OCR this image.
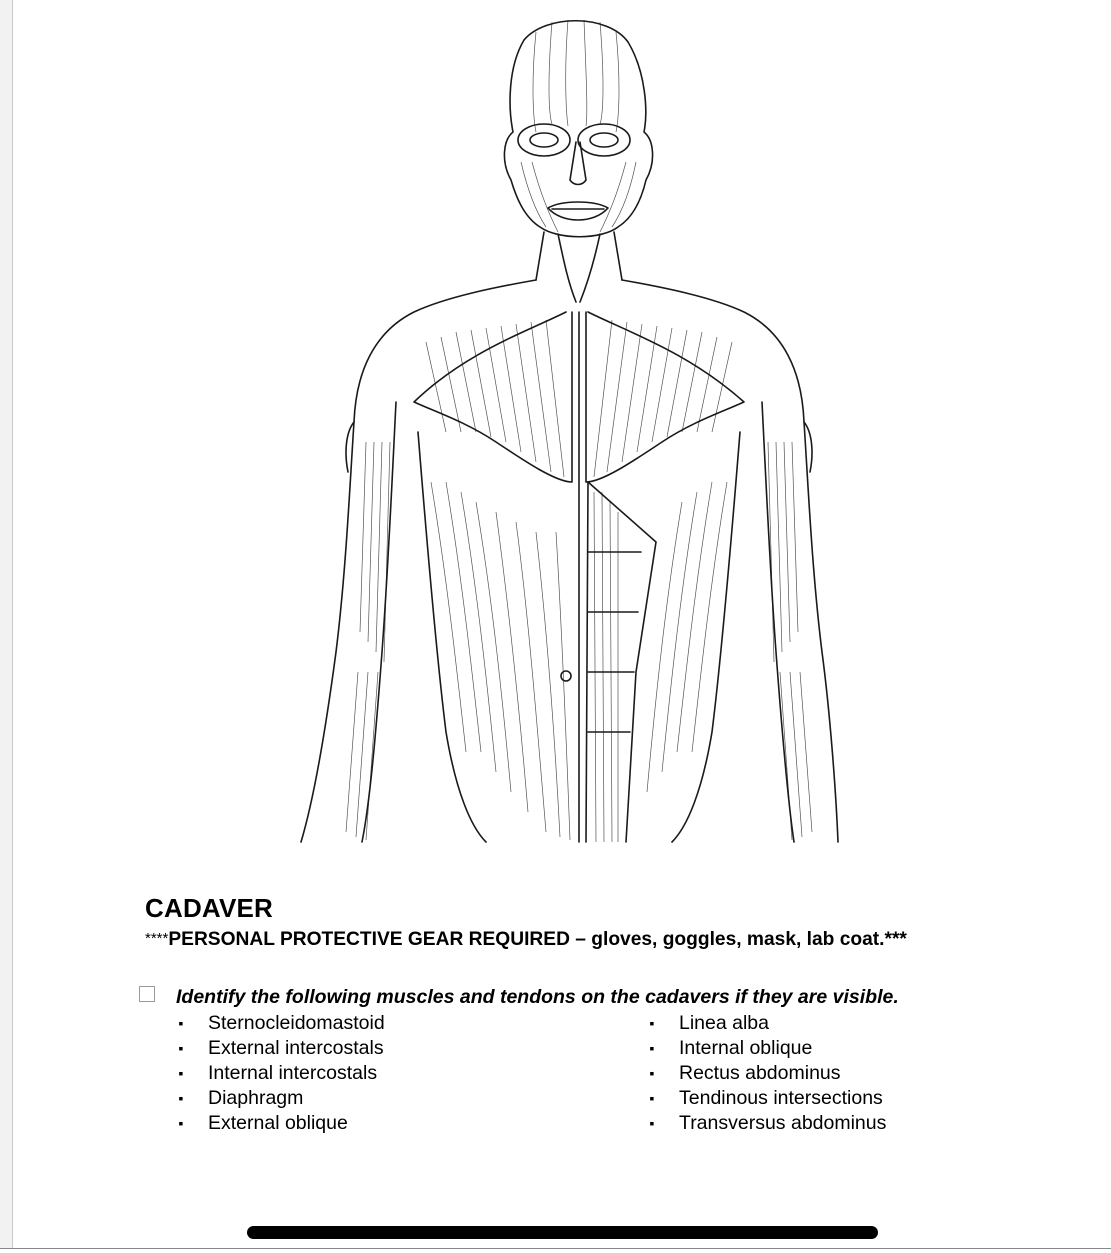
CADAVER
****PERSONAL PROTECTIVE GEAR REQUIRED – gloves, goggles, mask, lab coat.***
Identify the following muscles and tendons on the cadavers if they are visible.
▪ Sternocleidomastoid
▪ External intercostals
▪ Internal intercostals
▪ Diaphragm
▪ External oblique
▪ Linea alba
▪ Internal oblique
▪ Rectus abdominus
▪ Tendinous intersections
▪ Transversus abdominus
